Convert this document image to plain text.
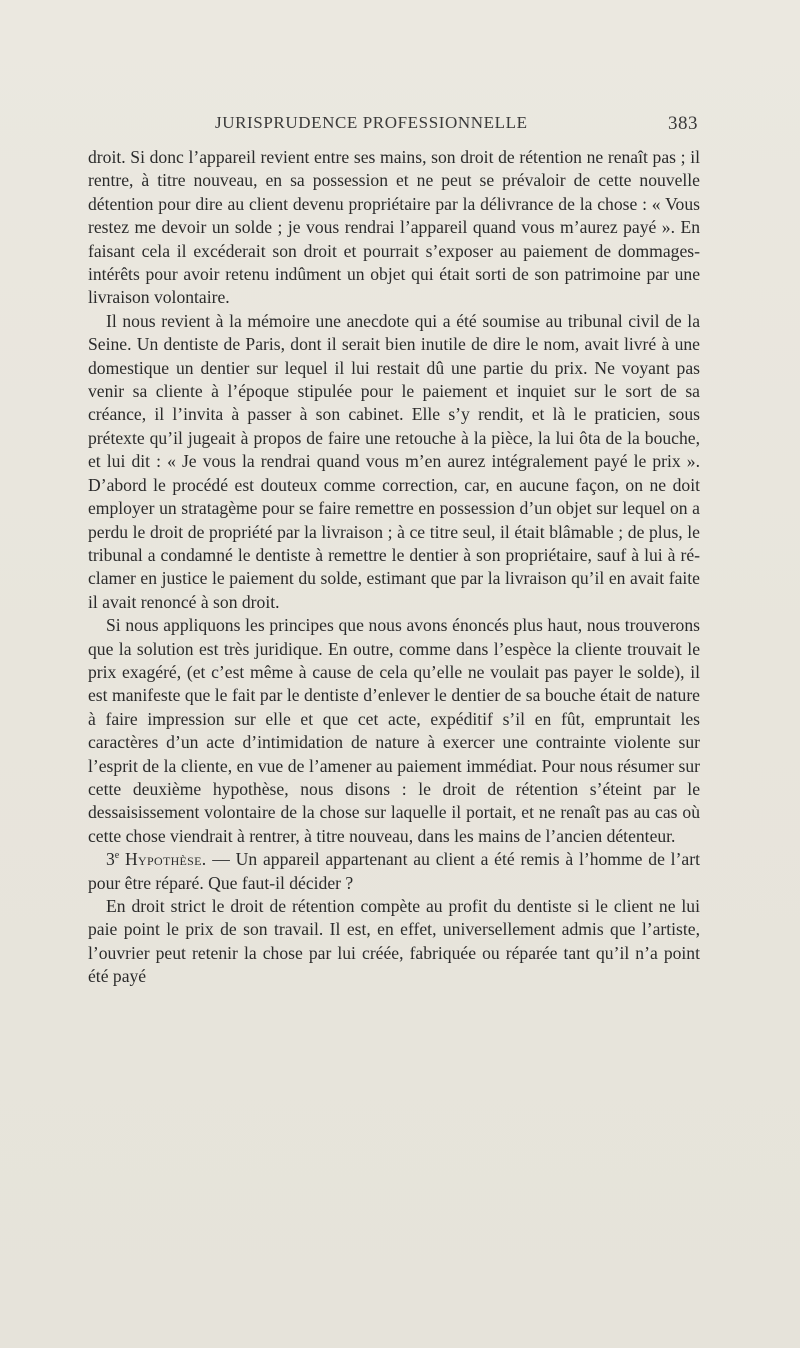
JURISPRUDENCE PROFESSIONNELLE	383

droit. Si donc l’appareil revient entre ses mains, son droit de rétention ne renaît pas ; il rentre, à titre nouveau, en sa possession et ne peut se prévaloir de cette nouvelle détention pour dire au client devenu propriétaire par la délivrance de la chose : « Vous restez me devoir un solde ; je vous rendrai l’appareil quand vous m’aurez payé ». En faisant cela il excéderait son droit et pourrait s’exposer au paiement de dommages-intérêts pour avoir retenu indûment un objet qui était sorti de son patrimoine par une livraison volontaire.

Il nous revient à la mémoire une anecdote qui a été soumise au tribunal civil de la Seine. Un dentiste de Paris, dont il serait bien inutile de dire le nom, avait livré à une domestique un dentier sur lequel il lui restait dû une partie du prix. Ne voyant pas venir sa cliente à l’époque stipulée pour le paiement et inquiet sur le sort de sa créance, il l’invita à passer à son cabinet. Elle s’y rendit, et là le praticien, sous prétexte qu’il jugeait à propos de faire une retouche à la pièce, la lui ôta de la bouche, et lui dit : « Je vous la rendrai quand vous m’en aurez intégralement payé le prix ». D’abord le procédé est douteux comme correction, car, en aucune façon, on ne doit employer un stratagème pour se faire remettre en possession d’un objet sur lequel on a perdu le droit de propriété par la livraison ; à ce titre seul, il était blâmable ; de plus, le tribunal a condamné le dentiste à remettre le dentier à son propriétaire, sauf à lui à réclamer en justice le paiement du solde, estimant que par la livraison qu’il en avait faite il avait renoncé à son droit.

Si nous appliquons les principes que nous avons énoncés plus haut, nous trouverons que la solution est très juridique. En outre, comme dans l’espèce la cliente trouvait le prix exagéré, (et c’est même à cause de cela qu’elle ne voulait pas payer le solde), il est manifeste que le fait par le dentiste d’enlever le dentier de sa bouche était de nature à faire impression sur elle et que cet acte, expéditif s’il en fût, empruntait les caractères d’un acte d’intimidation de nature à exercer une contrainte violente sur l’esprit de la cliente, en vue de l’amener au paiement immédiat. Pour nous résumer sur cette deuxième hypothèse, nous disons : le droit de rétention s’éteint par le dessaisissement volontaire de la chose sur laquelle il portait, et ne renaît pas au cas où cette chose viendrait à rentrer, à titre nouveau, dans les mains de l’ancien détenteur.

3e Hypothèse. — Un appareil appartenant au client a été remis à l’homme de l’art pour être réparé. Que faut-il décider ?

En droit strict le droit de rétention compète au profit du dentiste si le client ne lui paie point le prix de son travail. Il est, en effet, universellement admis que l’artiste, l’ouvrier peut retenir la chose par lui créée, fabriquée ou réparée tant qu’il n’a point été payé
